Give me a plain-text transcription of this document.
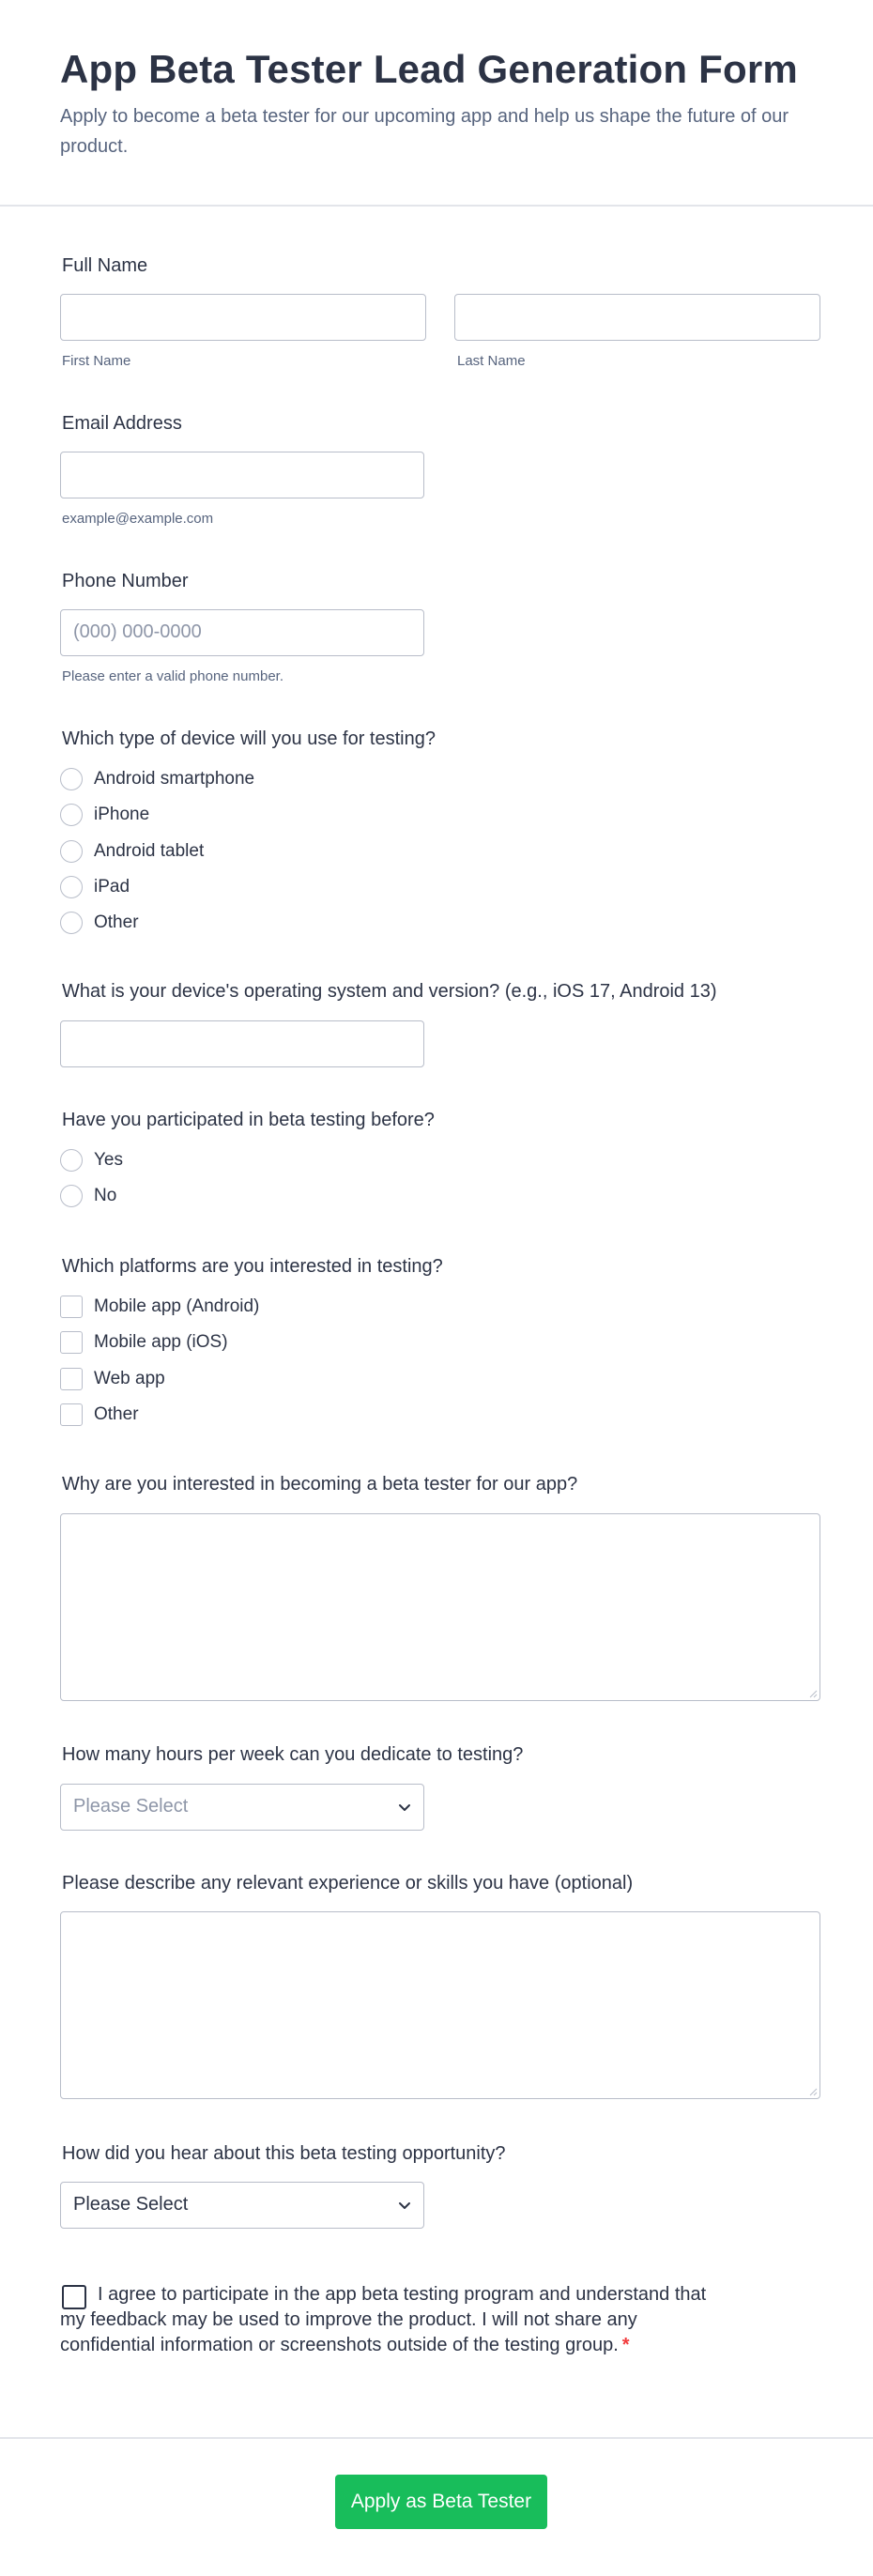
App Beta Tester Lead Generation Form

Apply to become a beta tester for our upcoming app and help us shape the future of our product.

Full Name
First Name	Last Name
Email Address
example@example.com
Phone Number
(000) 000-0000
Please enter a valid phone number.
Which type of device will you use for testing?
Android smartphone
iPhone
Android tablet
iPad
Other
What is your device's operating system and version? (e.g., iOS 17, Android 13)
Have you participated in beta testing before?
Yes
No
Which platforms are you interested in testing?
Mobile app (Android)
Mobile app (iOS)
Web app
Other
Why are you interested in becoming a beta tester for our app?
How many hours per week can you dedicate to testing?
Please Select
Please describe any relevant experience or skills you have (optional)
How did you hear about this beta testing opportunity?
Please Select
I agree to participate in the app beta testing program and understand that my feedback may be used to improve the product. I will not share any confidential information or screenshots outside of the testing group. *
Apply as Beta Tester
